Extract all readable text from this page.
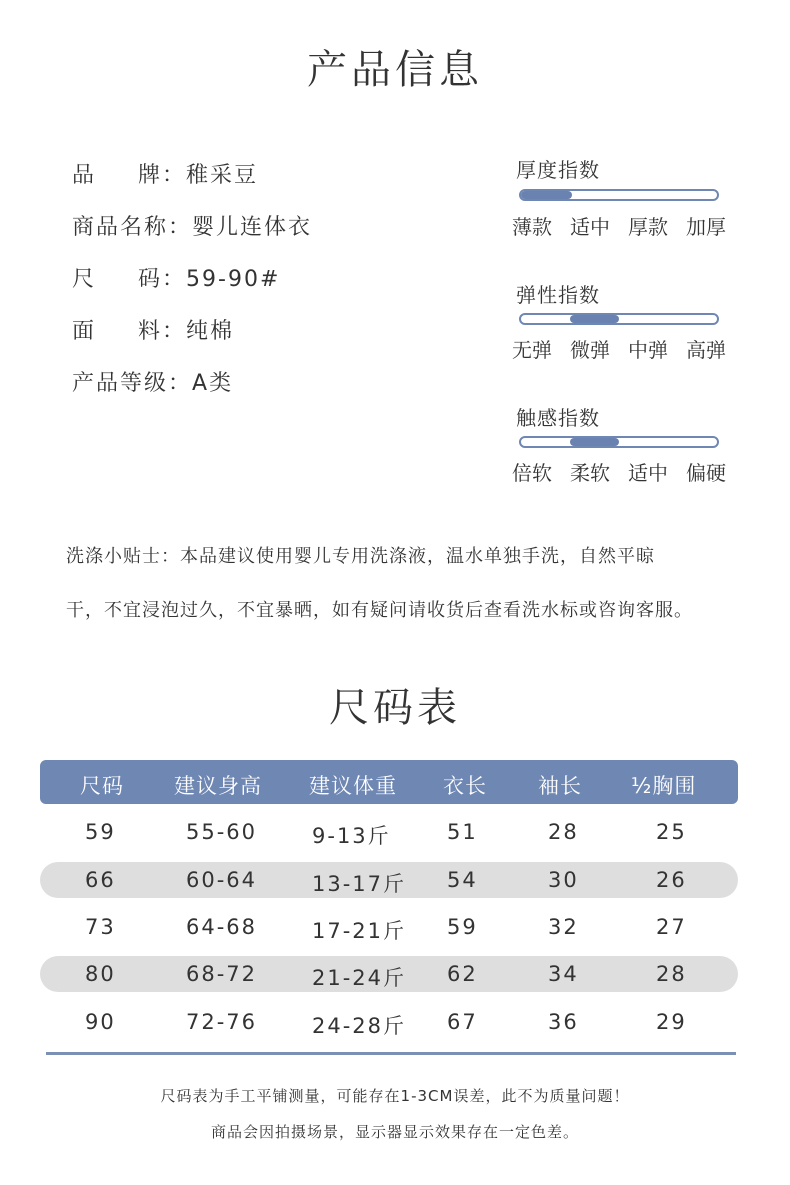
产品信息
品 牌 ：稚采豆
商品名称：婴儿连体衣
尺 码 ：59-90#
面 料 ：纯棉
产品等级：A类
厚度指数
薄款 适中 厚款 加厚
弹性指数
无弹 微弹 中弹 高弹
触感指数
倍软 柔软 适中 偏硬
洗涤小贴士：本品建议使用婴儿专用洗涤液，温水单独手洗，自然平晾
干，不宜浸泡过久，不宜暴晒，如有疑问请收货后查看洗水标或咨询客服。
尺码表
尺码 建议身高 建议体重 衣长 袖长 ½胸围
59	55-60	9-13斤	51	28	25
66	60-64	13-17斤 54	30	26
73	64-68	17-21斤 59	32	27
80	68-72	21-24斤 62	34	28
90	72-76	24-28斤 67	36	29
尺码表为手工平铺测量，可能存在1-3CM误差，此不为质量问题！
商品会因拍摄场景，显示器显示效果存在一定色差。
